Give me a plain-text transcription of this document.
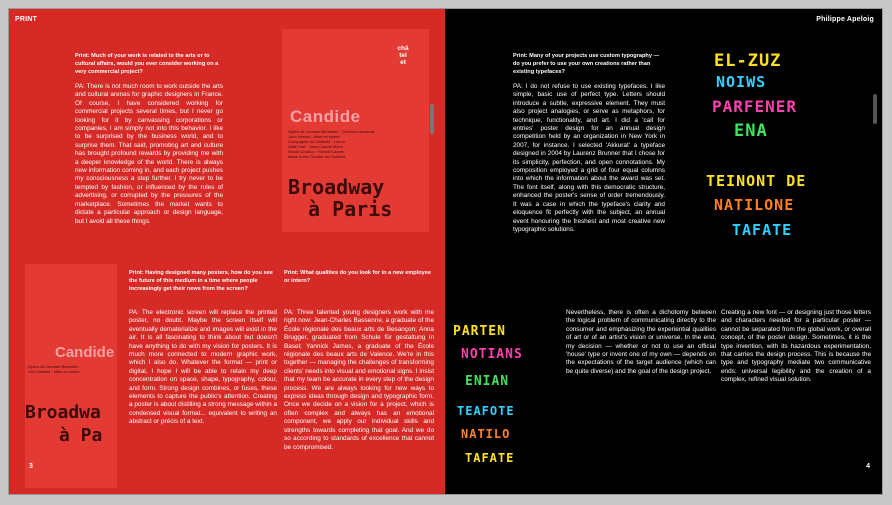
PRINT
Print: Much of your work is related to the arts or to cultural affairs, would you ever consider working on a very commercial project?
PA: There is not much room to work outside the arts and cultural arenas for graphic designers in France. Of course, I have considered working for commercial projects several times, but I never go looking for it by canvassing corporations or companies, I am simply not into this behavior. I like to be surprised by the business world, and to surprise them. That said, promoting art and culture has brought profound rewards by providing me with a deeper knowledge of the world. There is always new information coming in, and each project pushes my consciousness a step further. I try never to be tempted by fashion, or influenced by the rules of advertising, or corrupted by the pressures of the marketplace. Sometimes the market wants to dictate a particular approach or design language, but I avoid all these things.
châ
tel
et
Candide
Opéra de Leonard Bernstein · Direction musicale
John Neelsd · Mise en scène
Compagnie du Châtelet · Lorem
Salle Hart · Jean-Claude Marie
Nicole Chaillou · Robert Carsen
Ideas in the Theatre du Châtelet
Broadway
à Paris
Candide
Opéra de Leonard Bernstein
John Neelsd · Mise en scène
Broadwa
à Pa
Print: Having designed many posters, how do you see the future of this medium in a time where people increasingly get their news from the screen?
PA: The electronic screen will replace the printed poster, no doubt. Maybe the screen itself will eventually dematerialize and images will exist in the air. It is all fascinating to think about but doesn't have anything to do with my vision for posters. It is much more connected to modern graphic work, which I also do. Whatever the format — print or digital, I hope I will be able to retain my deep concentration on space, shape, typography, colour, and form. Strong design combines, or fuses, these elements to capture the public's attention. Creating a poster is about distilling a strong message within a condensed visual format... equivalent to writing an abstract or précis of a text.
Print: What qualities do you look for in a new employee or intern?
PA: Three talented young designers work with me right now: Jean-Charles Bassenne, a graduate of the École régionale des beaux arts de Besançon; Anna Brugger, graduated from Schule für gestaltung in Basel; Yannick James, a graduate of the École régionale des beaux arts de Valence. We're in this together — managing the challenges of transforming clients' needs into visual and emotional signs. I insist that my team be accurate in every step of the design process. We are always looking for new ways to express ideas through design and typographic form. Once we decide on a vision for a project, which is often complex and always has an emotional component, we apply our individual skills and strengths towards completing that goal. And we do so according to standards of excellence that cannot be compromised.
3
Philippe Apeloig
Print: Many of your projects use custom typography — do you prefer to use your own creations rather than existing typefaces?
PA: I do not refuse to use existing typefaces. I like simple, basic use of perfect type. Letters should introduce a subtle, expressive element. They must also project analogies, or serve as metaphors, for technique, functionality, and art. I did a 'call for entries' poster design for an annual design competition held by an organization in New York in 2007, for instance. I selected 'Akkurat' a typeface designed in 2004 by Laurenz Brunner that I chose for its simplicity, perfection, and open connotations. My composition employed a grid of four equal columns into which the information about the award was set. The font itself, along with this democratic structure, enhanced the poster's sense of order tremendously. It was a case in which the typeface's clarity and eloquence fit perfectly with the subject, an annual event honouring the freshest and most creative new typographic solutions.
EL-ZUZ
NOIWS
PARFENER
ENA
TEINONT DE
NATILONE
TAFATE
PARTEN
NOTIANS
ENIAN
TEAFOTE
NATILO
TAFATE
Nevertheless, there is often a dichotomy between the logical problem of communicating directly to the consumer and emphasizing the experiential qualities of art or of an artist's vision or universe. In the end, my decision — whether or not to use an official 'house' type or invent one of my own — depends on the expectations of the target audience (which can be quite diverse) and the goal of the design project.
Creating a new font — or designing just those letters and characters needed for a particular poster — cannot be separated from the global work, or overall concept, of the poster design. Sometimes, it is the type invention, with its hazardous experimentation, that carries the design process. This is because the type and typography mediate two communicative ends: universal legibility and the creation of a complex, refined visual solution.
4
